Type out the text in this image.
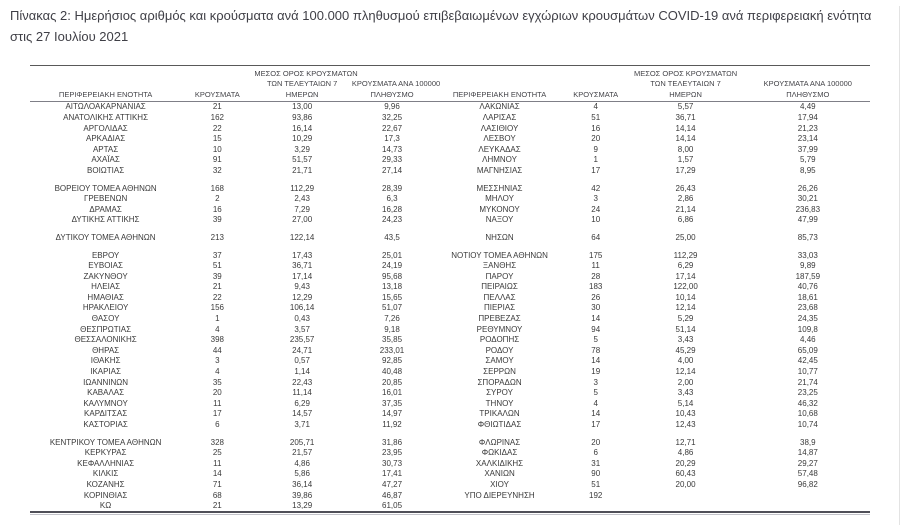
Πίνακας 2: Ημερήσιος αριθμός και κρούσματα ανά 100.000 πληθυσμού επιβεβαιωμένων εγχώριων κρουσμάτων COVID-19 ανά περιφερειακή ενότητα στις 27 Ιουλίου 2021
ΠΕΡΙΦΕΡΕΙΑΚΗ ΕΝΟΤΗΤΑ	ΚΡΟΥΣΜΑΤΑ	ΜΕΣΟΣ ΟΡΟΣ ΚΡΟΥΣΜΑΤΩΝ
ΤΩΝ ΤΕΛΕΥΤΑΙΩΝ 7
ΗΜΕΡΩΝ	ΚΡΟΥΣΜΑΤΑ ΑΝΑ 100000
ΠΛΗΘΥΣΜΟ	ΠΕΡΙΦΕΡΕΙΑΚΗ ΕΝΟΤΗΤΑ	ΚΡΟΥΣΜΑΤΑ	ΜΕΣΟΣ ΟΡΟΣ ΚΡΟΥΣΜΑΤΩΝ
ΤΩΝ ΤΕΛΕΥΤΑΙΩΝ 7
ΗΜΕΡΩΝ	ΚΡΟΥΣΜΑΤΑ ΑΝΑ 100000
ΠΛΗΘΥΣΜΟ

ΑΙΤΩΛΟΑΚΑΡΝΑΝΙΑΣ	21	13,00	9,96	ΛΑΚΩΝΙΑΣ	4	5,57	4,49
ΑΝΑΤΟΛΙΚΗΣ ΑΤΤΙΚΗΣ	162	93,86	32,25	ΛΑΡΙΣΑΣ	51	36,71	17,94
ΑΡΓΟΛΙΔΑΣ	22	16,14	22,67	ΛΑΣΙΘΙΟΥ	16	14,14	21,23
ΑΡΚΑΔΙΑΣ	15	10,29	17,3	ΛΕΣΒΟΥ	20	14,14	23,14
ΑΡΤΑΣ	10	3,29	14,73	ΛΕΥΚΑΔΑΣ	9	8,00	37,99
ΑΧΑΪΑΣ	91	51,57	29,33	ΛΗΜΝΟΥ	1	1,57	5,79
ΒΟΙΩΤΙΑΣ	32	21,71	27,14	ΜΑΓΝΗΣΙΑΣ	17	17,29	8,95

ΒΟΡΕΙΟΥ ΤΟΜΕΑ ΑΘΗΝΩΝ	168	112,29	28,39	ΜΕΣΣΗΝΙΑΣ	42	26,43	26,26
ΓΡΕΒΕΝΩΝ	2	2,43	6,3	ΜΗΛΟΥ	3	2,86	30,21
ΔΡΑΜΑΣ	16	7,29	16,28	ΜΥΚΟΝΟΥ	24	21,14	236,83
ΔΥΤΙΚΗΣ ΑΤΤΙΚΗΣ	39	27,00	24,23	ΝΑΞΟΥ	10	6,86	47,99

ΔΥΤΙΚΟΥ ΤΟΜΕΑ ΑΘΗΝΩΝ	213	122,14	43,5	ΝΗΣΩΝ	64	25,00	85,73

ΕΒΡΟΥ	37	17,43	25,01	ΝΟΤΙΟΥ ΤΟΜΕΑ ΑΘΗΝΩΝ	175	112,29	33,03
ΕΥΒΟΙΑΣ	51	36,71	24,19	ΞΑΝΘΗΣ	11	6,29	9,89
ΖΑΚΥΝΘΟΥ	39	17,14	95,68	ΠΑΡΟΥ	28	17,14	187,59
ΗΛΕΙΑΣ	21	9,43	13,18	ΠΕΙΡΑΙΩΣ	183	122,00	40,76
ΗΜΑΘΙΑΣ	22	12,29	15,65	ΠΕΛΛΑΣ	26	10,14	18,61
ΗΡΑΚΛΕΙΟΥ	156	106,14	51,07	ΠΙΕΡΙΑΣ	30	12,14	23,68
ΘΑΣΟΥ	1	0,43	7,26	ΠΡΕΒΕΖΑΣ	14	5,29	24,35
ΘΕΣΠΡΩΤΙΑΣ	4	3,57	9,18	ΡΕΘΥΜΝΟΥ	94	51,14	109,8
ΘΕΣΣΑΛΟΝΙΚΗΣ	398	235,57	35,85	ΡΟΔΟΠΗΣ	5	3,43	4,46
ΘΗΡΑΣ	44	24,71	233,01	ΡΟΔΟΥ	78	45,29	65,09
ΙΘΑΚΗΣ	3	0,57	92,85	ΣΑΜΟΥ	14	4,00	42,45
ΙΚΑΡΙΑΣ	4	1,14	40,48	ΣΕΡΡΩΝ	19	12,14	10,77
ΙΩΑΝΝΙΝΩΝ	35	22,43	20,85	ΣΠΟΡΑΔΩΝ	3	2,00	21,74
ΚΑΒΑΛΑΣ	20	11,14	16,01	ΣΥΡΟΥ	5	3,43	23,25
ΚΑΛΥΜΝΟΥ	11	6,29	37,35	ΤΗΝΟΥ	4	5,14	46,32
ΚΑΡΔΙΤΣΑΣ	17	14,57	14,97	ΤΡΙΚΑΛΩΝ	14	10,43	10,68
ΚΑΣΤΟΡΙΑΣ	6	3,71	11,92	ΦΘΙΩΤΙΔΑΣ	17	12,43	10,74

ΚΕΝΤΡΙΚΟΥ ΤΟΜΕΑ ΑΘΗΝΩΝ	328	205,71	31,86	ΦΛΩΡΙΝΑΣ	20	12,71	38,9
ΚΕΡΚΥΡΑΣ	25	21,57	23,95	ΦΩΚΙΔΑΣ	6	4,86	14,87
ΚΕΦΑΛΛΗΝΙΑΣ	11	4,86	30,73	ΧΑΛΚΙΔΙΚΗΣ	31	20,29	29,27
ΚΙΛΚΙΣ	14	5,86	17,41	ΧΑΝΙΩΝ	90	60,43	57,48
ΚΟΖΑΝΗΣ	71	36,14	47,27	ΧΙΟΥ	51	20,00	96,82
ΚΟΡΙΝΘΙΑΣ	68	39,86	46,87	ΥΠΟ ΔΙΕΡΕΥΝΗΣΗ	192		
ΚΩ	21	13,29	61,05				
